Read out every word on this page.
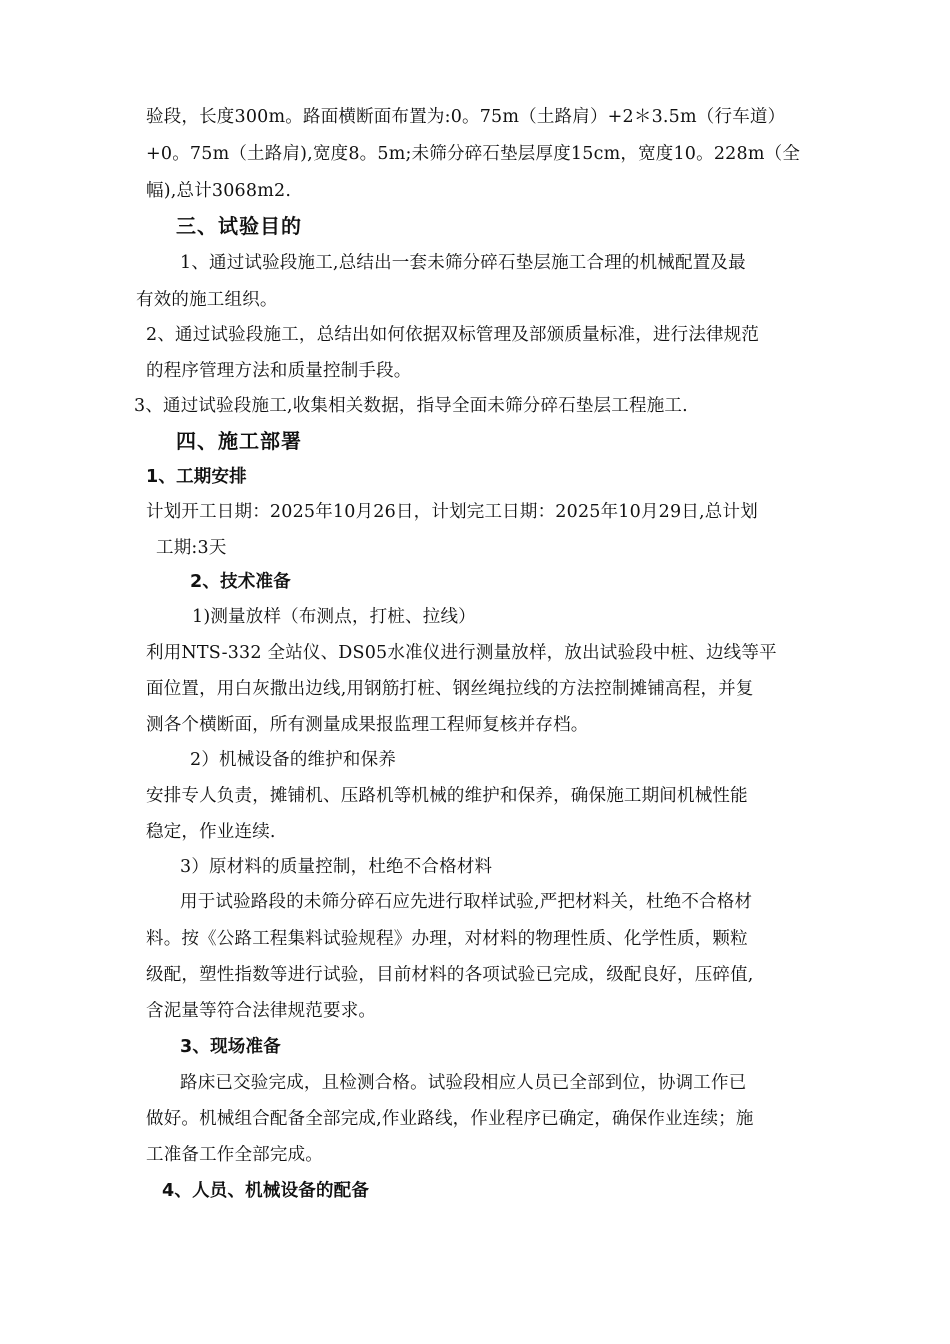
验段，长度300m。路面横断面布置为:0。75m（土路肩）+2＊3.5m（行车道）
+0。75m（土路肩),宽度8。5m;未筛分碎石垫层厚度15cm，宽度10。228m（全
幅),总计3068m2.
三、试验目的
1、通过试验段施工,总结出一套未筛分碎石垫层施工合理的机械配置及最
有效的施工组织。
2、通过试验段施工，总结出如何依据双标管理及部颁质量标准，进行法律规范
的程序管理方法和质量控制手段。
3、通过试验段施工,收集相关数据，指导全面未筛分碎石垫层工程施工.
四、施工部署
1、工期安排
计划开工日期：2025年10月26日，计划完工日期：2025年10月29日,总计划
工期:3天
2、技术准备
1)测量放样（布测点，打桩、拉线）
利用NTS-332 全站仪、DS05水准仪进行测量放样，放出试验段中桩、边线等平
面位置，用白灰撒出边线,用钢筋打桩、钢丝绳拉线的方法控制摊铺高程，并复
测各个横断面，所有测量成果报监理工程师复核并存档。
2）机械设备的维护和保养
安排专人负责，摊铺机、压路机等机械的维护和保养，确保施工期间机械性能
稳定，作业连续.
3）原材料的质量控制，杜绝不合格材料
用于试验路段的未筛分碎石应先进行取样试验,严把材料关，杜绝不合格材
料。按《公路工程集料试验规程》办理，对材料的物理性质、化学性质，颗粒
级配，塑性指数等进行试验，目前材料的各项试验已完成，级配良好，压碎值,
含泥量等符合法律规范要求。
3、现场准备
路床已交验完成，且检测合格。试验段相应人员已全部到位，协调工作已
做好。机械组合配备全部完成,作业路线，作业程序已确定，确保作业连续；施
工准备工作全部完成。
4、人员、机械设备的配备
